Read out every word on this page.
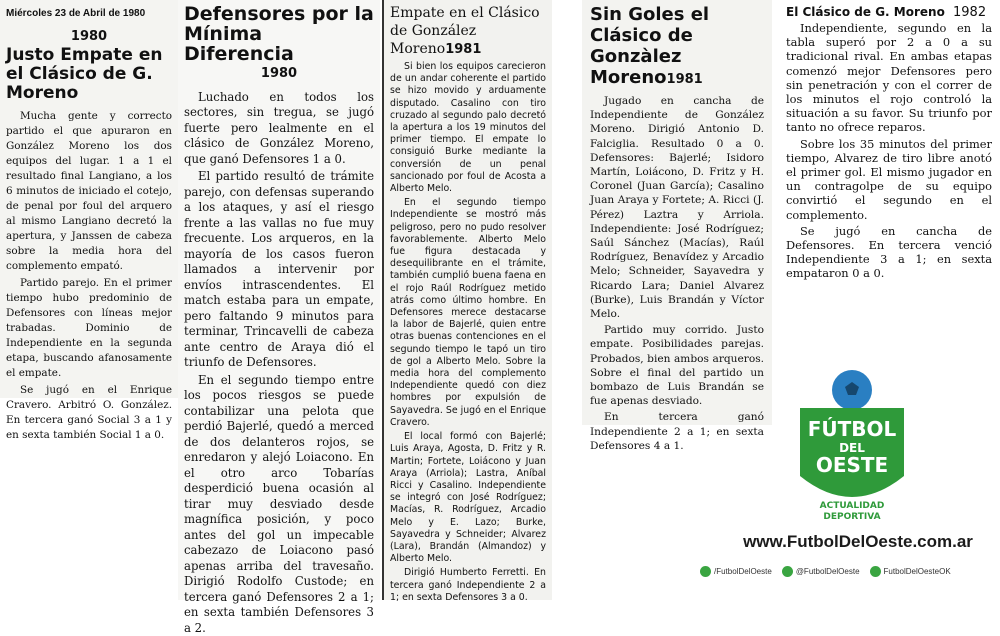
Miércoles 23 de Abril de 1980
1980
Justo Empate en el Clásico de G. Moreno

Mucha gente y correcto partido el que apuraron en González Moreno los dos equipos del lugar. 1 a 1 el resultado final Langiano, a los 6 minutos de iniciado el cotejo, de penal por foul del arquero al mismo Langiano decretó la apertura, y Janssen de cabeza sobre la media hora del complemento empató.

Partido parejo. En el primer tiempo hubo predominio de Defensores con líneas mejor trabadas. Dominio de Independiente en la segunda etapa, buscando afanosamente el empate.

Se jugó en el Enrique Cravero. Arbitró O. González. En tercera ganó Social 3 a 1 y en sexta también Social 1 a 0.

Defensores por la Mínima Diferencia
1980

Luchado en todos los sectores, sin tregua, se jugó fuerte pero lealmente en el clásico de González Moreno, que ganó Defensores 1 a 0.

El partido resultó de trámite parejo, con defensas superando a los ataques, y así el riesgo frente a las vallas no fue muy frecuente. Los arqueros, en la mayoría de los casos fueron llamados a intervenir por envíos intrascendentes. El match estaba para un empate, pero faltando 9 minutos para terminar, Trincavelli de cabeza ante centro de Araya dió el triunfo de Defensores.

En el segundo tiempo entre los pocos riesgos se puede contabilizar una pelota que perdió Bajerlé, quedó a merced de dos delanteros rojos, se enredaron y alejó Loiacono. En el otro arco Tobarías desperdició buena ocasión al tirar muy desviado desde magnífica posición, y poco antes del gol un impecable cabezazo de Loiacono pasó apenas arriba del travesaño. Dirigió Rodolfo Custode; en tercera ganó Defensores 2 a 1; en sexta también Defensores 3 a 2.

Empate en el Clásico de González Moreno1981

Si bien los equipos carecieron de un andar coherente el partido se hizo movido y arduamente disputado. Casalino con tiro cruzado al segundo palo decretó la apertura a los 19 minutos del primer tiempo. El empate lo consiguió Burke mediante la conversión de un penal sancionado por foul de Acosta a Alberto Melo.

En el segundo tiempo Independiente se mostró más peligroso, pero no pudo resolver favorablemente. Alberto Melo fue figura destacada y desequilibrante en el trámite, también cumplió buena faena en el rojo Raúl Rodríguez metido atrás como último hombre. En Defensores merece destacarse la labor de Bajerlé, quien entre otras buenas contenciones en el segundo tiempo le tapó un tiro de gol a Alberto Melo. Sobre la media hora del complemento Independiente quedó con diez hombres por expulsión de Sayavedra. Se jugó en el Enrique Cravero.

El local formó con Bajerlé; Luis Araya, Agosta, D. Fritz y R. Martin; Fortete, Loiácono y Juan Araya (Arriola); Lastra, Aníbal Ricci y Casalino. Independiente se integró con José Rodríguez; Macías, R. Rodríguez, Arcadio Melo y E. Lazo; Burke, Sayavedra y Schneider; Alvarez (Lara), Brandán (Almandoz) y Alberto Melo.

Dirigió Humberto Ferretti. En tercera ganó Independiente 2 a 1; en sexta Defensores 3 a 0.

Sin Goles el Clásico de Gonzàlez Moreno1981

Jugado en cancha de Independiente de González Moreno. Dirigió Antonio D. Falciglia. Resultado 0 a 0. Defensores: Bajerlé; Isidoro Martín, Loiácono, D. Fritz y H. Coronel (Juan García); Casalino Juan Araya y Fortete; A. Ricci (J. Pérez) Laztra y Arriola. Independiente: José Rodríguez; Saúl Sánchez (Macías), Raúl Rodríguez, Benavídez y Arcadio Melo; Schneider, Sayavedra y Ricardo Lara; Daniel Alvarez (Burke), Luis Brandán y Víctor Melo.

Partido muy corrido. Justo empate. Posibilidades parejas. Probados, bien ambos arqueros. Sobre el final del partido un bombazo de Luis Brandán se fue apenas desviado.

En tercera ganó Independiente 2 a 1; en sexta Defensores 4 a 1.

El Clásico de G. Moreno 1982

Independiente, segundo en la tabla superó por 2 a 0 a su tradicional rival. En ambas etapas comenzó mejor Defensores pero sin penetración y con el correr de los minutos el rojo controló la situación a su favor. Su triunfo por tanto no ofrece reparos.

Sobre los 35 minutos del primer tiempo, Alvarez de tiro libre anotó el primer gol. El mismo jugador en un contragolpe de su equipo convirtió el segundo en el complemento.

Se jugó en cancha de Defensores. En tercera venció Independiente 3 a 1; en sexta empataron 0 a 0.

FÚTBOL
DEL
OESTE
ACTUALIDAD
DEPORTIVA
www.FutbolDelOeste.com.ar
/FutbolDelOeste	@FutbolDelOeste	FutbolDelOesteOK
